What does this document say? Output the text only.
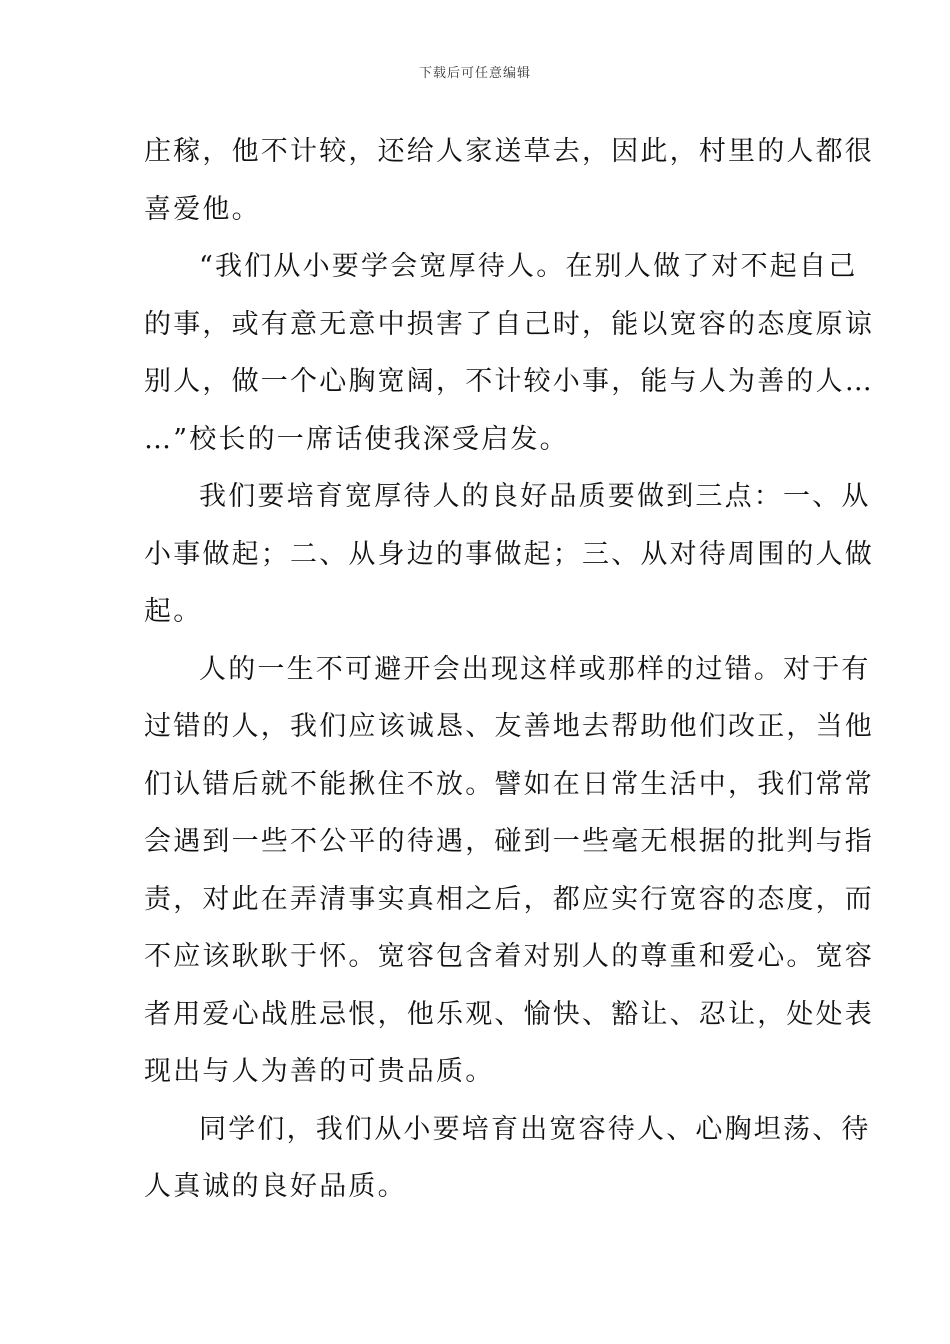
下载后可任意编辑
庄稼，他不计较，还给人家送草去，因此，村里的人都很
喜爱他。
“我们从小要学会宽厚待人。在别人做了对不起自己
的事，或有意无意中损害了自己时，能以宽容的态度原谅
别人，做一个心胸宽阔，不计较小事，能与人为善的人…
…”校长的一席话使我深受启发。
我们要培育宽厚待人的良好品质要做到三点：一、从
小事做起；二、从身边的事做起；三、从对待周围的人做
起。
人的一生不可避开会出现这样或那样的过错。对于有
过错的人，我们应该诚恳、友善地去帮助他们改正，当他
们认错后就不能揪住不放。譬如在日常生活中，我们常常
会遇到一些不公平的待遇，碰到一些毫无根据的批判与指
责，对此在弄清事实真相之后，都应实行宽容的态度，而
不应该耿耿于怀。宽容包含着对别人的尊重和爱心。宽容
者用爱心战胜忌恨，他乐观、愉快、豁让、忍让，处处表
现出与人为善的可贵品质。
同学们，我们从小要培育出宽容待人、心胸坦荡、待
人真诚的良好品质。
